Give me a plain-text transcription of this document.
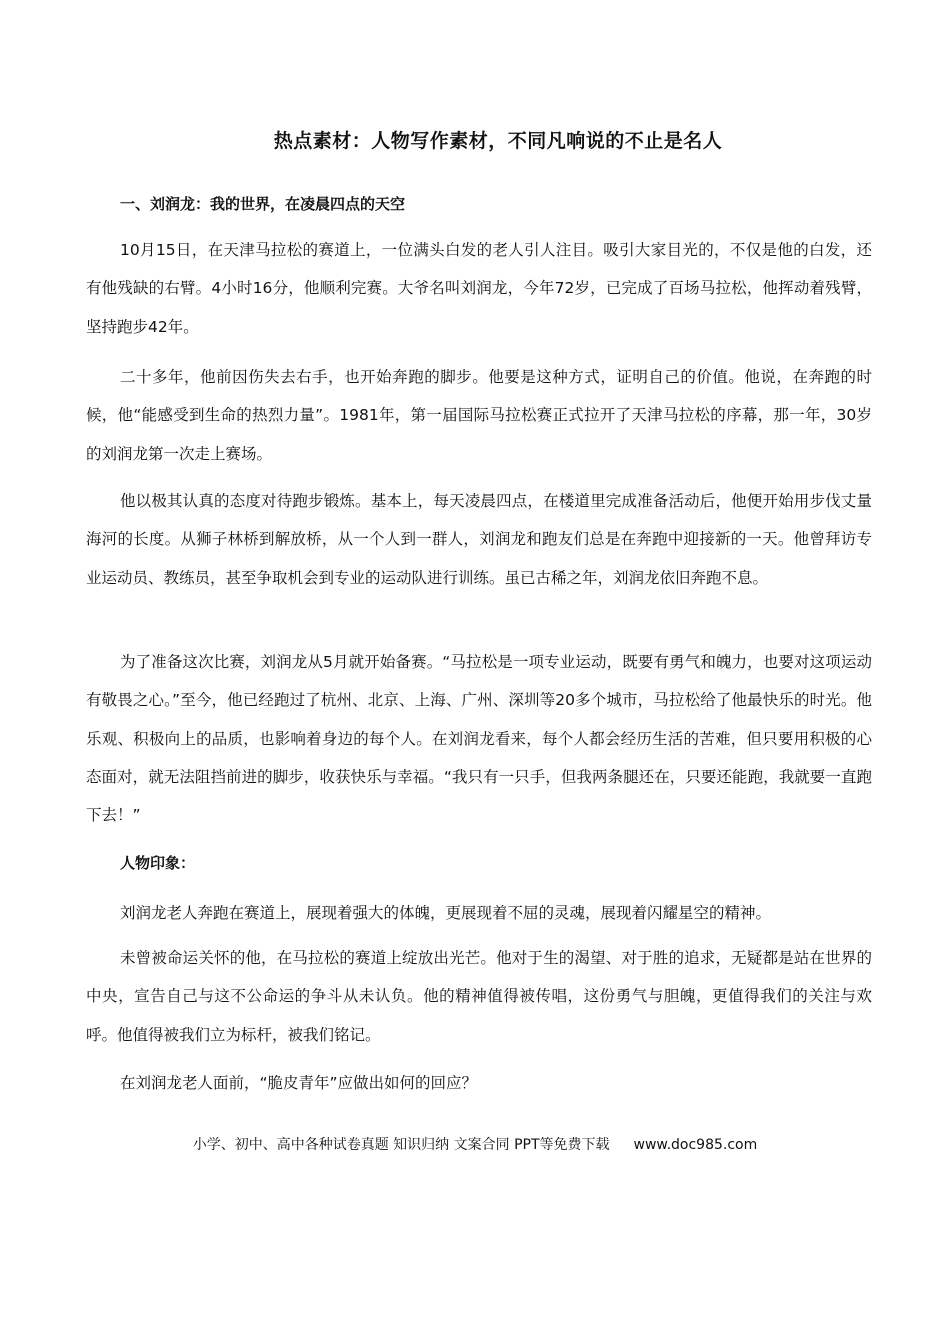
热点素材：人物写作素材，不同凡响说的不止是名人
一、刘润龙：我的世界，在凌晨四点的天空

10月15日，在天津马拉松的赛道上，一位满头白发的老人引人注目。吸引大家目光的，不仅是他的白发，还有他残缺的右臂。4小时16分，他顺利完赛。大爷名叫刘润龙，今年72岁，已完成了百场马拉松，他挥动着残臂，坚持跑步42年。

二十多年，他前因伤失去右手，也开始奔跑的脚步。他要是这种方式，证明自己的价值。他说，在奔跑的时候，他“能感受到生命的热烈力量”。1981年，第一届国际马拉松赛正式拉开了天津马拉松的序幕，那一年，30岁的刘润龙第一次走上赛场。

他以极其认真的态度对待跑步锻炼。基本上，每天凌晨四点，在楼道里完成准备活动后，他便开始用步伐丈量海河的长度。从狮子林桥到解放桥，从一个人到一群人，刘润龙和跑友们总是在奔跑中迎接新的一天。他曾拜访专业运动员、教练员，甚至争取机会到专业的运动队进行训练。虽已古稀之年，刘润龙依旧奔跑不息。

为了准备这次比赛，刘润龙从5月就开始备赛。“马拉松是一项专业运动，既要有勇气和魄力，也要对这项运动有敬畏之心。”至今，他已经跑过了杭州、北京、上海、广州、深圳等20多个城市，马拉松给了他最快乐的时光。他乐观、积极向上的品质，也影响着身边的每个人。在刘润龙看来，每个人都会经历生活的苦难，但只要用积极的心态面对，就无法阻挡前进的脚步，收获快乐与幸福。“我只有一只手，但我两条腿还在，只要还能跑，我就要一直跑下去！”

人物印象：

刘润龙老人奔跑在赛道上，展现着强大的体魄，更展现着不屈的灵魂，展现着闪耀星空的精神。

未曾被命运关怀的他，在马拉松的赛道上绽放出光芒。他对于生的渴望、对于胜的追求，无疑都是站在世界的中央，宣告自己与这不公命运的争斗从未认负。他的精神值得被传唱，这份勇气与胆魄，更值得我们的关注与欢呼。他值得被我们立为标杆，被我们铭记。

在刘润龙老人面前，“脆皮青年”应做出如何的回应？

小学、初中、高中各种试卷真题 知识归纳 文案合同 PPT等免费下载 www.doc985.com
